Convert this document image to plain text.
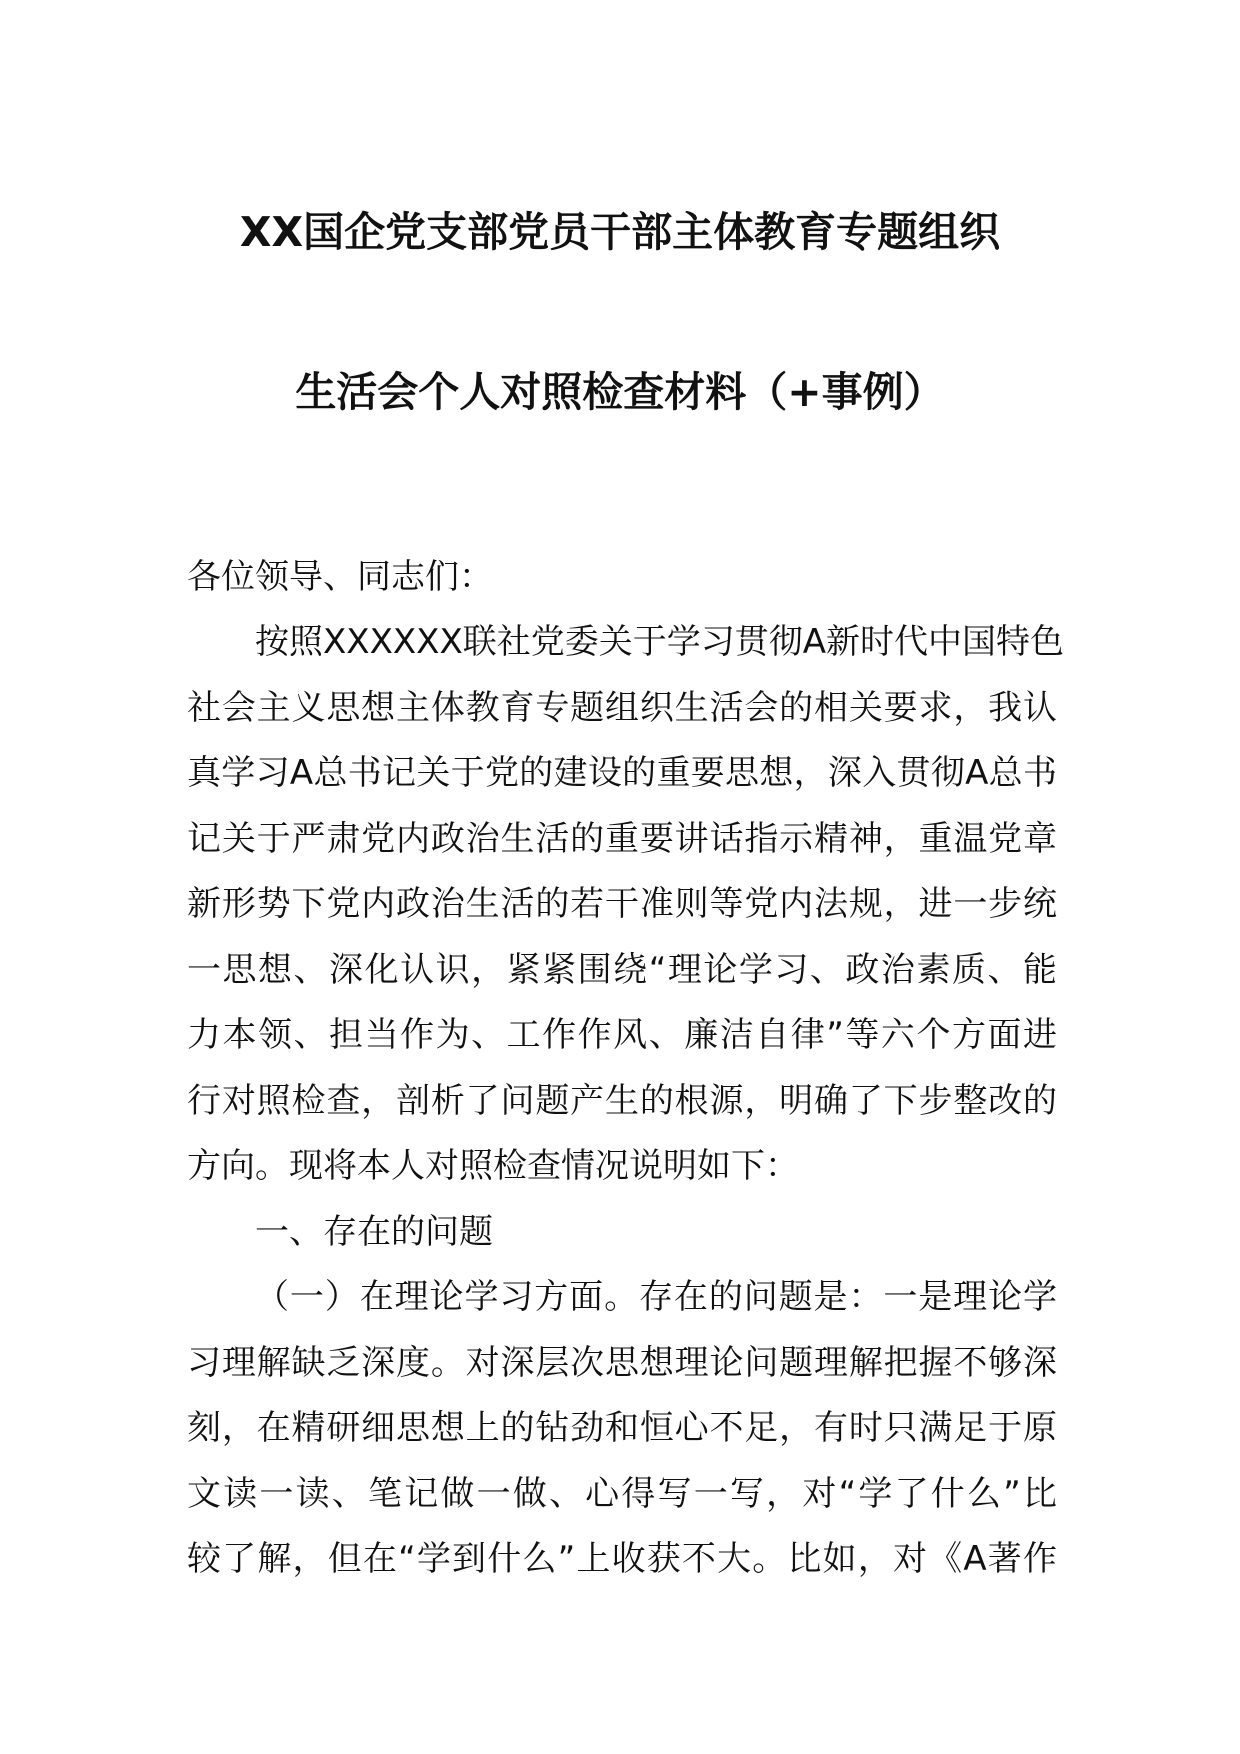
XX国企党支部党员干部主体教育专题组织
生活会个人对照检查材料（+事例）
各位领导、同志们：
按照XXXXXX联社党委关于学习贯彻A新时代中国特色
社会主义思想主体教育专题组织生活会的相关要求，我认
真学习A总书记关于党的建设的重要思想，深入贯彻A总书
记关于严肃党内政治生活的重要讲话指示精神，重温党章
新形势下党内政治生活的若干准则等党内法规，进一步统
一思想、深化认识，紧紧围绕“理论学习、政治素质、能
力本领、担当作为、工作作风、廉洁自律”等六个方面进
行对照检查，剖析了问题产生的根源，明确了下步整改的
方向。现将本人对照检查情况说明如下：
一、存在的问题
（一）在理论学习方面。存在的问题是：一是理论学
习理解缺乏深度。对深层次思想理论问题理解把握不够深
刻，在精研细思想上的钻劲和恒心不足，有时只满足于原
文读一读、笔记做一做、心得写一写，对“学了什么”比
较了解，但在“学到什么”上收获不大。比如，对《A著作
